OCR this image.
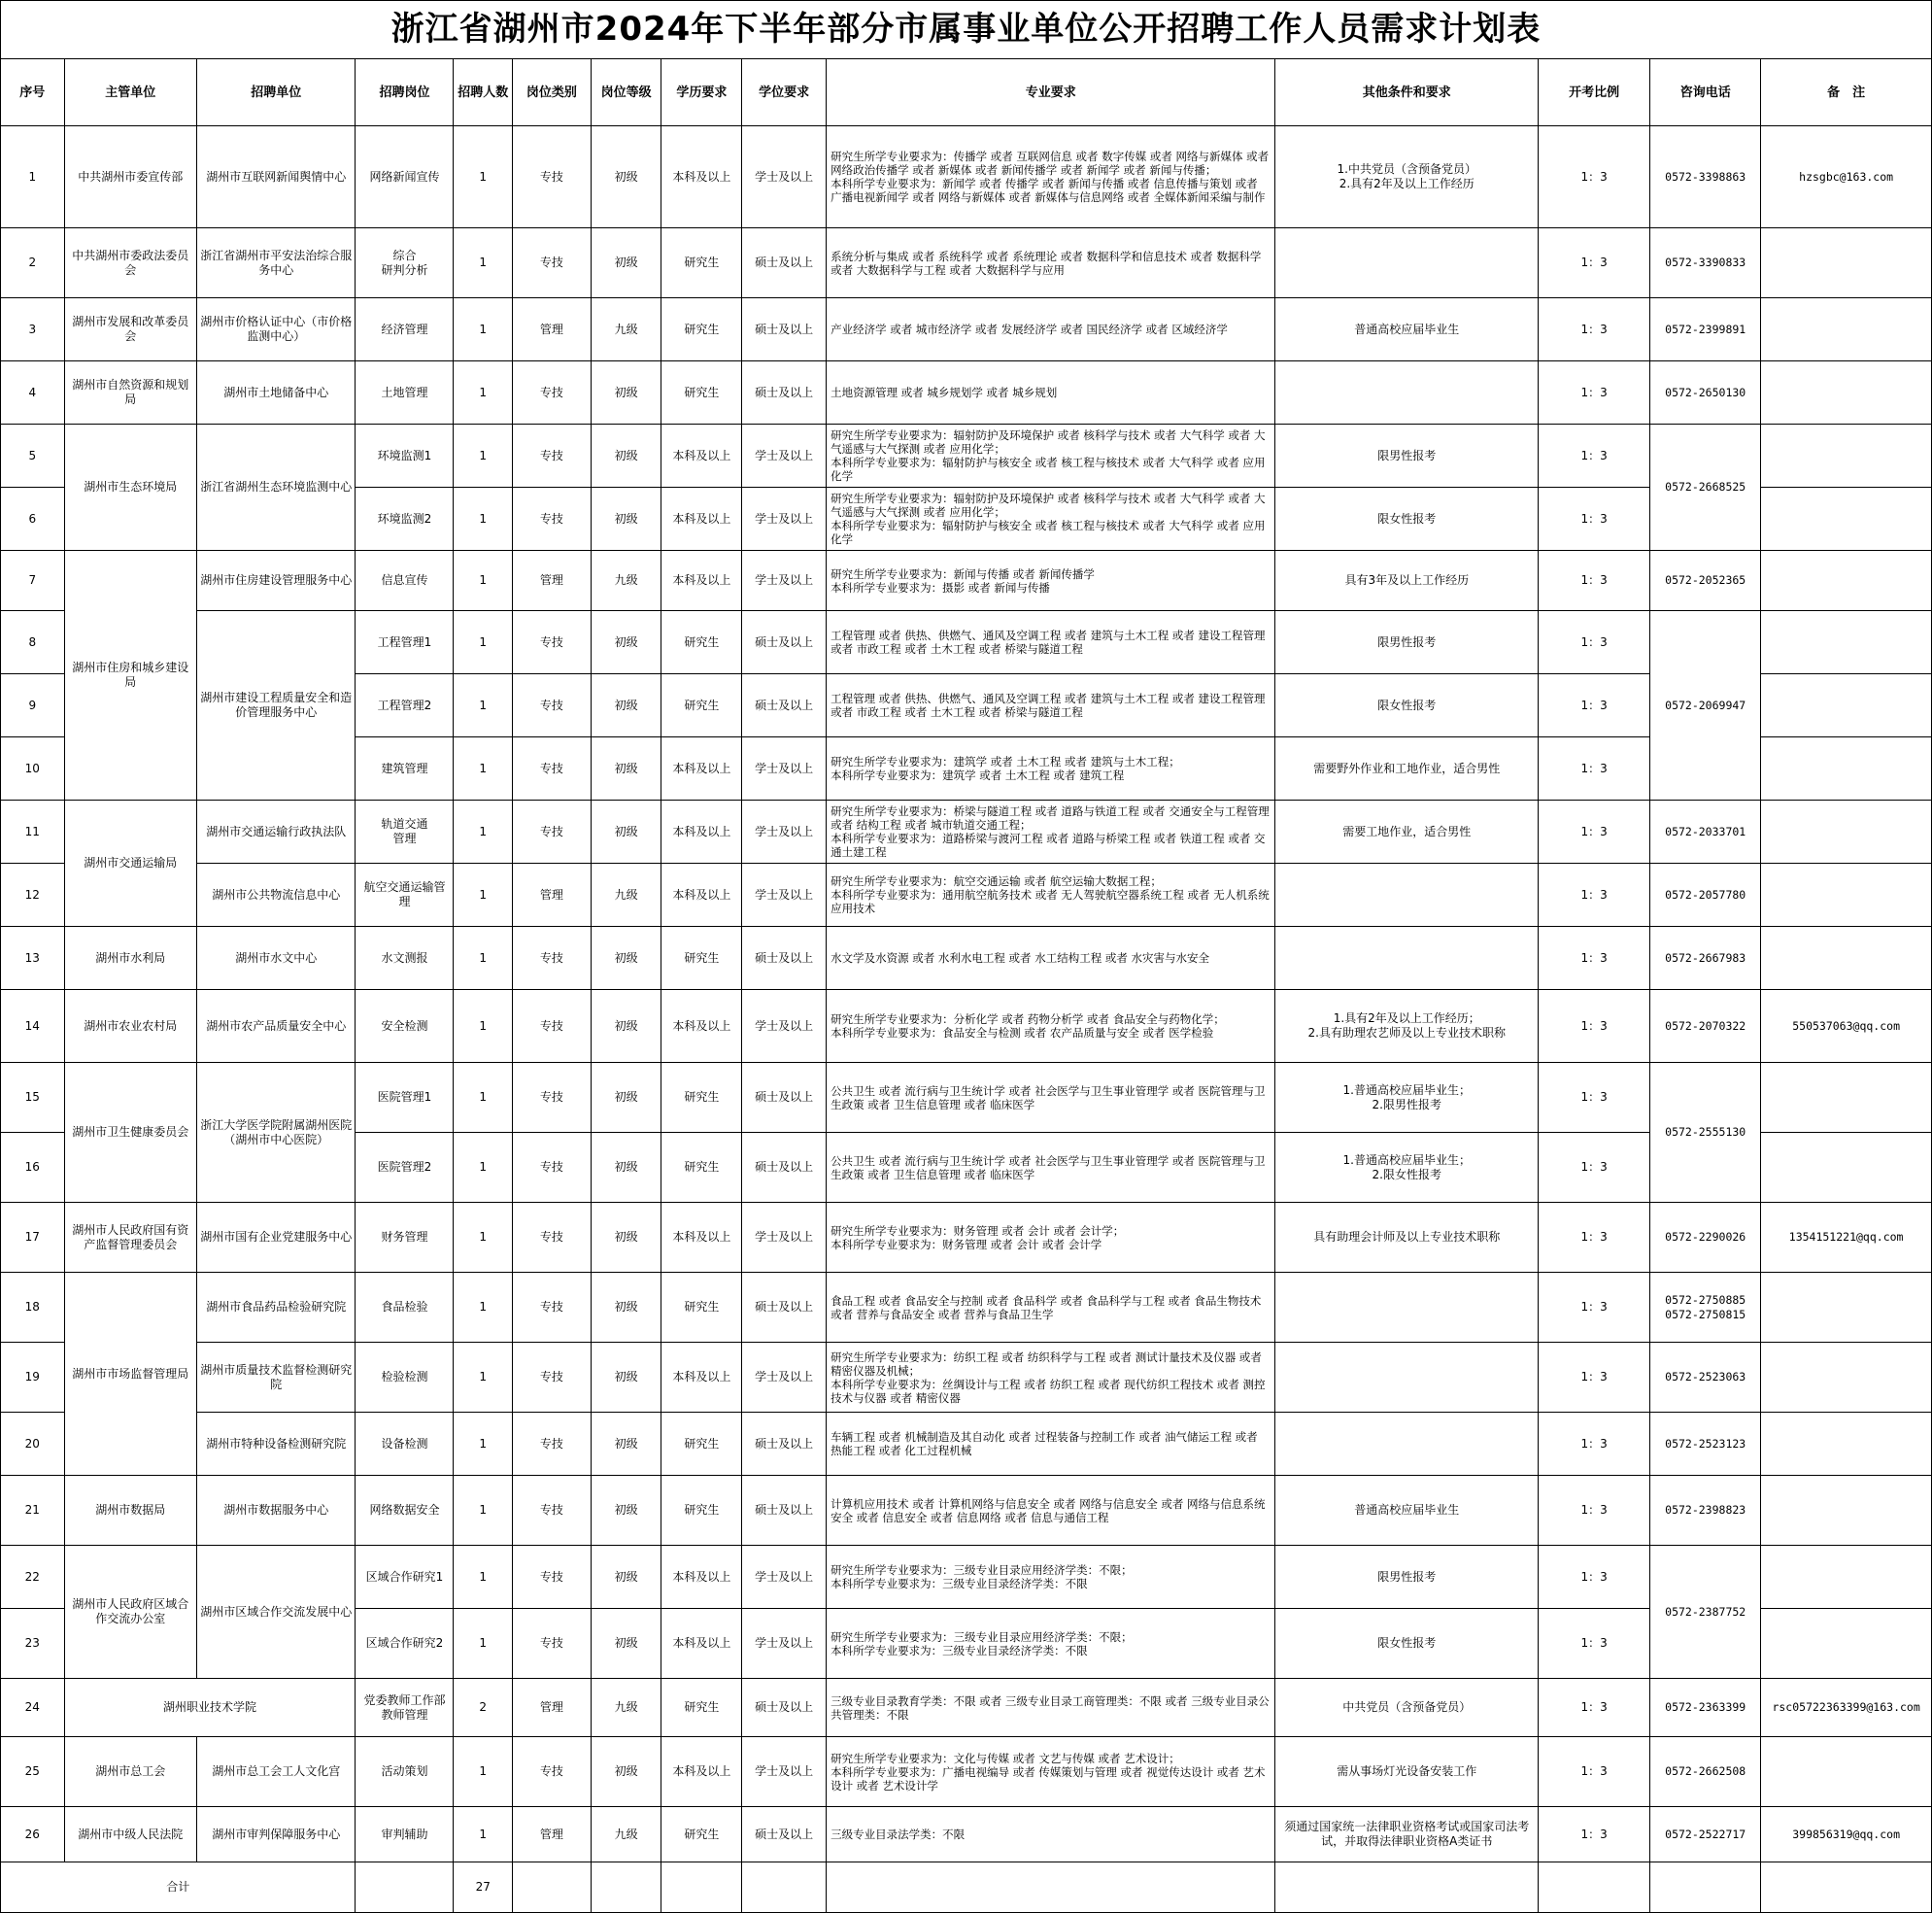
浙江省湖州市2024年下半年部分市属事业单位公开招聘工作人员需求计划表
序号	主管单位	招聘单位	招聘岗位	招聘人数	岗位类别	岗位等级	学历要求	学位要求	专业要求	其他条件和要求	开考比例	咨询电话	备　注
1	中共湖州市委宣传部	湖州市互联网新闻舆情中心	网络新闻宣传	1	专技	初级	本科及以上	学士及以上	研究生所学专业要求为：传播学 或者 互联网信息 或者 数字传媒 或者 网络与新媒体 或者 网络政治传播学 或者 新媒体 或者 新闻传播学 或者 新闻学 或者 新闻与传播；
本科所学专业要求为：新闻学 或者 传播学 或者 新闻与传播 或者 信息传播与策划 或者 广播电视新闻学 或者 网络与新媒体 或者 新媒体与信息网络 或者 全媒体新闻采编与制作	1.中共党员（含预备党员）
2.具有2年及以上工作经历	1：3	0572-3398863	hzsgbc@163.com
2	中共湖州市委政法委员会	浙江省湖州市平安法治综合服务中心	综合
研判分析	1	专技	初级	研究生	硕士及以上	系统分析与集成 或者 系统科学 或者 系统理论 或者 数据科学和信息技术 或者 数据科学 或者 大数据科学与工程 或者 大数据科学与应用		1：3	0572-3390833	
3	湖州市发展和改革委员会	湖州市价格认证中心（市价格监测中心）	经济管理	1	管理	九级	研究生	硕士及以上	产业经济学 或者 城市经济学 或者 发展经济学 或者 国民经济学 或者 区域经济学	普通高校应届毕业生	1：3	0572-2399891	
4	湖州市自然资源和规划局	湖州市土地储备中心	土地管理	1	专技	初级	研究生	硕士及以上	土地资源管理 或者 城乡规划学 或者 城乡规划		1：3	0572-2650130	
5	湖州市生态环境局	浙江省湖州生态环境监测中心	环境监测1	1	专技	初级	本科及以上	学士及以上	研究生所学专业要求为：辐射防护及环境保护 或者 核科学与技术 或者 大气科学 或者 大气遥感与大气探测 或者 应用化学；
本科所学专业要求为：辐射防护与核安全 或者 核工程与核技术 或者 大气科学 或者 应用化学	限男性报考	1：3	0572-2668525	
6			环境监测2	1	专技	初级	本科及以上	学士及以上	研究生所学专业要求为：辐射防护及环境保护 或者 核科学与技术 或者 大气科学 或者 大气遥感与大气探测 或者 应用化学；
本科所学专业要求为：辐射防护与核安全 或者 核工程与核技术 或者 大气科学 或者 应用化学	限女性报考	1：3		
7	湖州市住房和城乡建设局	湖州市住房建设管理服务中心	信息宣传	1	管理	九级	本科及以上	学士及以上	研究生所学专业要求为：新闻与传播 或者 新闻传播学
本科所学专业要求为：摄影 或者 新闻与传播	具有3年及以上工作经历	1：3	0572-2052365	
8		湖州市建设工程质量安全和造价管理服务中心	工程管理1	1	专技	初级	研究生	硕士及以上	工程管理 或者 供热、供燃气、通风及空调工程 或者 建筑与土木工程 或者 建设工程管理 或者 市政工程 或者 土木工程 或者 桥梁与隧道工程	限男性报考	1：3	0572-2069947	
9			工程管理2	1	专技	初级	研究生	硕士及以上	工程管理 或者 供热、供燃气、通风及空调工程 或者 建筑与土木工程 或者 建设工程管理 或者 市政工程 或者 土木工程 或者 桥梁与隧道工程	限女性报考	1：3		
10			建筑管理	1	专技	初级	本科及以上	学士及以上	研究生所学专业要求为：建筑学 或者 土木工程 或者 建筑与土木工程；
本科所学专业要求为：建筑学 或者 土木工程 或者 建筑工程	需要野外作业和工地作业，适合男性	1：3		
11	湖州市交通运输局	湖州市交通运输行政执法队	轨道交通
管理	1	专技	初级	本科及以上	学士及以上	研究生所学专业要求为：桥梁与隧道工程 或者 道路与铁道工程 或者 交通安全与工程管理 或者 结构工程 或者 城市轨道交通工程；
本科所学专业要求为：道路桥梁与渡河工程 或者 道路与桥梁工程 或者 铁道工程 或者 交通土建工程	需要工地作业，适合男性	1：3	0572-2033701	
12		湖州市公共物流信息中心	航空交通运输管理	1	管理	九级	本科及以上	学士及以上	研究生所学专业要求为：航空交通运输 或者 航空运输大数据工程；
本科所学专业要求为：通用航空航务技术 或者 无人驾驶航空器系统工程 或者 无人机系统应用技术		1：3	0572-2057780	
13	湖州市水利局	湖州市水文中心	水文测报	1	专技	初级	研究生	硕士及以上	水文学及水资源 或者 水利水电工程 或者 水工结构工程 或者 水灾害与水安全		1：3	0572-2667983	
14	湖州市农业农村局	湖州市农产品质量安全中心	安全检测	1	专技	初级	本科及以上	学士及以上	研究生所学专业要求为：分析化学 或者 药物分析学 或者 食品安全与药物化学；
本科所学专业要求为：食品安全与检测 或者 农产品质量与安全 或者 医学检验	1.具有2年及以上工作经历；
2.具有助理农艺师及以上专业技术职称	1：3	0572-2070322	550537063@qq.com
15	湖州市卫生健康委员会	浙江大学医学院附属湖州医院（湖州市中心医院）	医院管理1	1	专技	初级	研究生	硕士及以上	公共卫生 或者 流行病与卫生统计学 或者 社会医学与卫生事业管理学 或者 医院管理与卫生政策 或者 卫生信息管理 或者 临床医学	1.普通高校应届毕业生；
2.限男性报考	1：3	0572-2555130	
16			医院管理2	1	专技	初级	研究生	硕士及以上	公共卫生 或者 流行病与卫生统计学 或者 社会医学与卫生事业管理学 或者 医院管理与卫生政策 或者 卫生信息管理 或者 临床医学	1.普通高校应届毕业生；
2.限女性报考	1：3		
17	湖州市人民政府国有资产监督管理委员会	湖州市国有企业党建服务中心	财务管理	1	专技	初级	本科及以上	学士及以上	研究生所学专业要求为：财务管理 或者 会计 或者 会计学；
本科所学专业要求为：财务管理 或者 会计 或者 会计学	具有助理会计师及以上专业技术职称	1：3	0572-2290026	1354151221@qq.com
18	湖州市市场监督管理局	湖州市食品药品检验研究院	食品检验	1	专技	初级	研究生	硕士及以上	食品工程 或者 食品安全与控制 或者 食品科学 或者 食品科学与工程 或者 食品生物技术 或者 营养与食品安全 或者 营养与食品卫生学		1：3	0572-2750885
0572-2750815	
19		湖州市质量技术监督检测研究院	检验检测	1	专技	初级	本科及以上	学士及以上	研究生所学专业要求为：纺织工程 或者 纺织科学与工程 或者 测试计量技术及仪器 或者 精密仪器及机械；
本科所学专业要求为：丝绸设计与工程 或者 纺织工程 或者 现代纺织工程技术 或者 测控技术与仪器 或者 精密仪器		1：3	0572-2523063	
20		湖州市特种设备检测研究院	设备检测	1	专技	初级	研究生	硕士及以上	车辆工程 或者 机械制造及其自动化 或者 过程装备与控制工作 或者 油气储运工程 或者 热能工程 或者 化工过程机械		1：3	0572-2523123	
21	湖州市数据局	湖州市数据服务中心	网络数据安全	1	专技	初级	研究生	硕士及以上	计算机应用技术 或者 计算机网络与信息安全 或者 网络与信息安全 或者 网络与信息系统安全 或者 信息安全 或者 信息网络 或者 信息与通信工程	普通高校应届毕业生	1：3	0572-2398823	
22	湖州市人民政府区域合作交流办公室	湖州市区域合作交流发展中心	区域合作研究1	1	专技	初级	本科及以上	学士及以上	研究生所学专业要求为：三级专业目录应用经济学类：不限；
本科所学专业要求为：三级专业目录经济学类：不限	限男性报考	1：3	0572-2387752	
23			区域合作研究2	1	专技	初级	本科及以上	学士及以上	研究生所学专业要求为：三级专业目录应用经济学类：不限；
本科所学专业要求为：三级专业目录经济学类：不限	限女性报考	1：3		
24	湖州职业技术学院		党委教师工作部教师管理	2	管理	九级	研究生	硕士及以上	三级专业目录教育学类：不限 或者 三级专业目录工商管理类：不限 或者 三级专业目录公共管理类：不限	中共党员（含预备党员）	1：3	0572-2363399	rsc05722363399@163.com
25	湖州市总工会	湖州市总工会工人文化宫	活动策划	1	专技	初级	本科及以上	学士及以上	研究生所学专业要求为：文化与传媒 或者 文艺与传媒 或者 艺术设计；
本科所学专业要求为：广播电视编导 或者 传媒策划与管理 或者 视觉传达设计 或者 艺术设计 或者 艺术设计学	需从事场灯光设备安装工作	1：3	0572-2662508	
26	湖州市中级人民法院	湖州市审判保障服务中心	审判辅助	1	管理	九级	研究生	硕士及以上	三级专业目录法学类：不限	须通过国家统一法律职业资格考试或国家司法考试，并取得法律职业资格A类证书	1：3	0572-2522717	399856319@qq.com
合计				27									
